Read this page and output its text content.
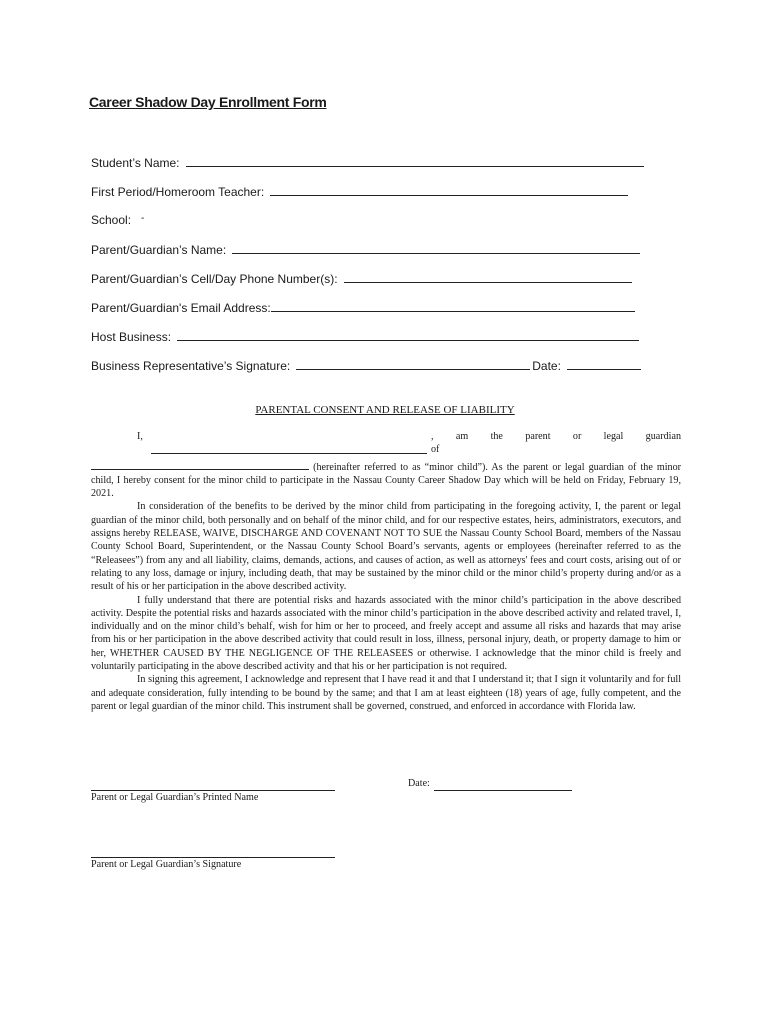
Career Shadow Day Enrollment Form
Student’s Name:
First Period/Homeroom Teacher:
School: -
Parent/Guardian’s Name:
Parent/Guardian’s Cell/Day Phone Number(s):
Parent/Guardian's Email Address:
Host Business:
Business Representative’s Signature:	Date:
PARENTAL CONSENT AND RELEASE OF LIABILITY
I,	, am the parent or legal guardian of

(hereinafter referred to as “minor child”). As the parent or legal guardian of the minor child, I hereby consent for the minor child to participate in the Nassau County Career Shadow Day which will be held on Friday, February 19, 2021.

In consideration of the benefits to be derived by the minor child from participating in the foregoing activity, I, the parent or legal guardian of the minor child, both personally and on behalf of the minor child, and for our respective estates, heirs, administrators, executors, and assigns hereby RELEASE, WAIVE, DISCHARGE AND COVENANT NOT TO SUE the Nassau County School Board, members of the Nassau County School Board, Superintendent, or the Nassau County School Board’s servants, agents or employees (hereinafter referred to as the “Releasees”) from any and all liability, claims, demands, actions, and causes of action, as well as attorneys' fees and court costs, arising out of or relating to any loss, damage or injury, including death, that may be sustained by the minor child or the minor child’s property during and/or as a result of his or her participation in the above described activity.

I fully understand that there are potential risks and hazards associated with the minor child’s participation in the above described activity. Despite the potential risks and hazards associated with the minor child’s participation in the above described activity and related travel, I, individually and on the minor child’s behalf, wish for him or her to proceed, and freely accept and assume all risks and hazards that may arise from his or her participation in the above described activity that could result in loss, illness, personal injury, death, or property damage to him or her, WHETHER CAUSED BY THE NEGLIGENCE OF THE RELEASEES or otherwise. I acknowledge that the minor child is freely and voluntarily participating in the above described activity and that his or her participation is not required.

In signing this agreement, I acknowledge and represent that I have read it and that I understand it; that I sign it voluntarily and for full and adequate consideration, fully intending to be bound by the same; and that I am at least eighteen (18) years of age, fully competent, and the parent or legal guardian of the minor child. This instrument shall be governed, construed, and enforced in accordance with Florida law.

Parent or Legal Guardian’s Printed Name
Date:
Parent or Legal Guardian’s Signature
